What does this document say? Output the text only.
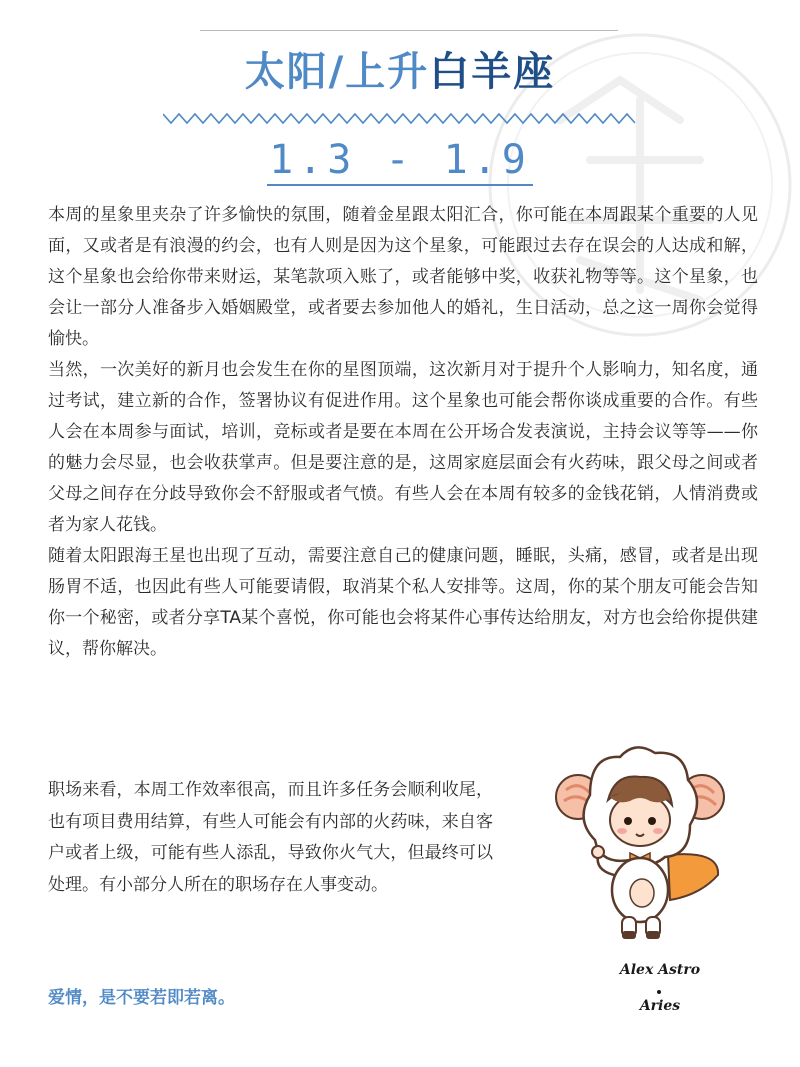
太阳/上升白羊座
1.3 - 1.9

本周的星象里夹杂了许多愉快的氛围，随着金星跟太阳汇合，你可能在本周跟某个重要的人见面，又或者是有浪漫的约会，也有人则是因为这个星象，可能跟过去存在误会的人达成和解，这个星象也会给你带来财运，某笔款项入账了，或者能够中奖，收获礼物等等。这个星象，也会让一部分人准备步入婚姻殿堂，或者要去参加他人的婚礼，生日活动，总之这一周你会觉得愉快。

当然，一次美好的新月也会发生在你的星图顶端，这次新月对于提升个人影响力，知名度，通过考试，建立新的合作，签署协议有促进作用。这个星象也可能会帮你谈成重要的合作。有些人会在本周参与面试，培训，竞标或者是要在本周在公开场合发表演说，主持会议等等——你的魅力会尽显，也会收获掌声。但是要注意的是，这周家庭层面会有火药味，跟父母之间或者父母之间存在分歧导致你会不舒服或者气愤。有些人会在本周有较多的金钱花销，人情消费或者为家人花钱。

随着太阳跟海王星也出现了互动，需要注意自己的健康问题，睡眠，头痛，感冒，或者是出现肠胃不适，也因此有些人可能要请假，取消某个私人安排等。这周，你的某个朋友可能会告知你一个秘密，或者分享TA某个喜悦，你可能也会将某件心事传达给朋友，对方也会给你提供建议，帮你解决。

职场来看，本周工作效率很高，而且许多任务会顺利收尾，也有项目费用结算，有些人可能会有内部的火药味，来自客户或者上级，可能有些人添乱，导致你火气大，但最终可以处理。有小部分人所在的职场存在人事变动。
爱情，是不要若即若离。
Alex Astro
Aries
